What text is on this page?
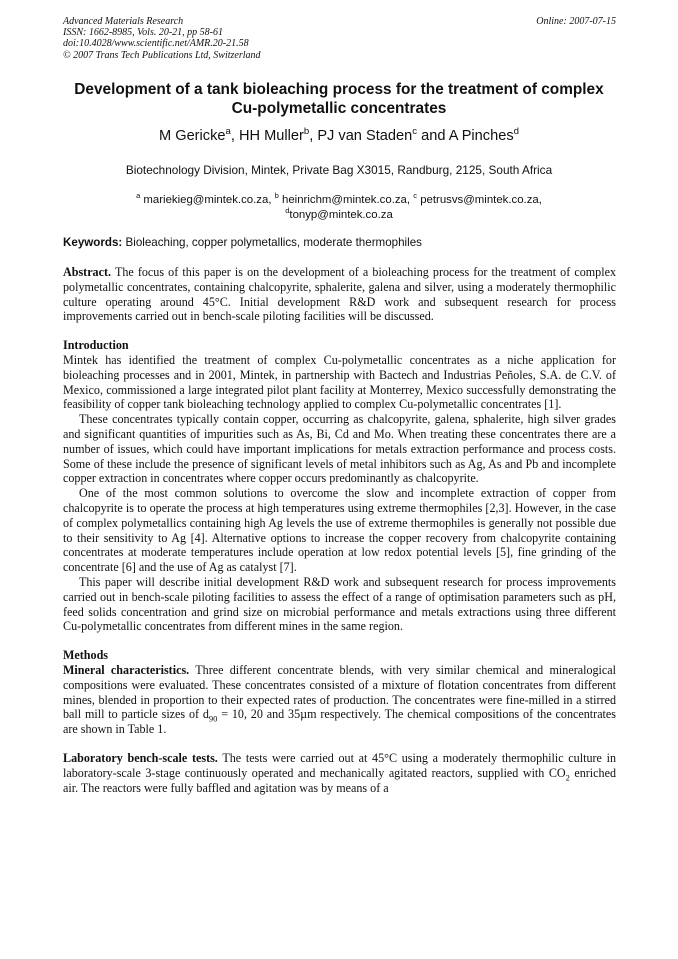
Advanced Materials Research
ISSN: 1662-8985, Vols. 20-21, pp 58-61
doi:10.4028/www.scientific.net/AMR.20-21.58
© 2007 Trans Tech Publications Ltd, Switzerland
Online: 2007-07-15
Development of a tank bioleaching process for the treatment of complex
Cu-polymetallic concentrates
M Gericke$^a$, HH Muller$^b$, PJ van Staden$^c$ and A Pinches$^d$
Biotechnology Division, Mintek, Private Bag X3015, Randburg, 2125, South Africa
$^a$ mariekieg@mintek.co.za, $^b$ heinrichm@mintek.co.za, $^c$ petrusvs@mintek.co.za,
$^d$tonyp@mintek.co.za
Keywords: Bioleaching, copper polymetallics, moderate thermophiles

Abstract. The focus of this paper is on the development of a bioleaching process for the treatment of complex polymetallic concentrates, containing chalcopyrite, sphalerite, galena and silver, using a moderately thermophilic culture operating around 45°C. Initial development R&D work and subsequent research for process improvements carried out in bench-scale piloting facilities will be discussed.

Introduction

Mintek has identified the treatment of complex Cu-polymetallic concentrates as a niche application for bioleaching processes and in 2001, Mintek, in partnership with Bactech and Industrias Peñoles, S.A. de C.V. of Mexico, commissioned a large integrated pilot plant facility at Monterrey, Mexico successfully demonstrating the feasibility of copper tank bioleaching technology applied to complex Cu-polymetallic concentrates [1].

These concentrates typically contain copper, occurring as chalcopyrite, galena, sphalerite, high silver grades and significant quantities of impurities such as As, Bi, Cd and Mo. When treating these concentrates there are a number of issues, which could have important implications for metals extraction performance and process costs. Some of these include the presence of significant levels of metal inhibitors such as Ag, As and Pb and incomplete copper extraction in concentrates where copper occurs predominantly as chalcopyrite.

One of the most common solutions to overcome the slow and incomplete extraction of copper from chalcopyrite is to operate the process at high temperatures using extreme thermophiles [2,3]. However, in the case of complex polymetallics containing high Ag levels the use of extreme thermophiles is generally not possible due to their sensitivity to Ag [4]. Alternative options to increase the copper recovery from chalcopyrite containing concentrates at moderate temperatures include operation at low redox potential levels [5], fine grinding of the concentrate [6] and the use of Ag as catalyst [7].

This paper will describe initial development R&D work and subsequent research for process improvements carried out in bench-scale piloting facilities to assess the effect of a range of optimisation parameters such as pH, feed solids concentration and grind size on microbial performance and metals extractions using three different Cu-polymetallic concentrates from different mines in the same region.

Methods

Mineral characteristics. Three different concentrate blends, with very similar chemical and mineralogical compositions were evaluated. These concentrates consisted of a mixture of flotation concentrates from different mines, blended in proportion to their expected rates of production. The concentrates were fine-milled in a stirred ball mill to particle sizes of $d_{90} = 10$, 20 and 35µm respectively. The chemical compositions of the concentrates are shown in Table 1.

Laboratory bench-scale tests. The tests were carried out at 45°C using a moderately thermophilic culture in laboratory-scale 3-stage continuously operated and mechanically agitated reactors, supplied with $CO_2$ enriched air. The reactors were fully baffled and agitation was by means of a
